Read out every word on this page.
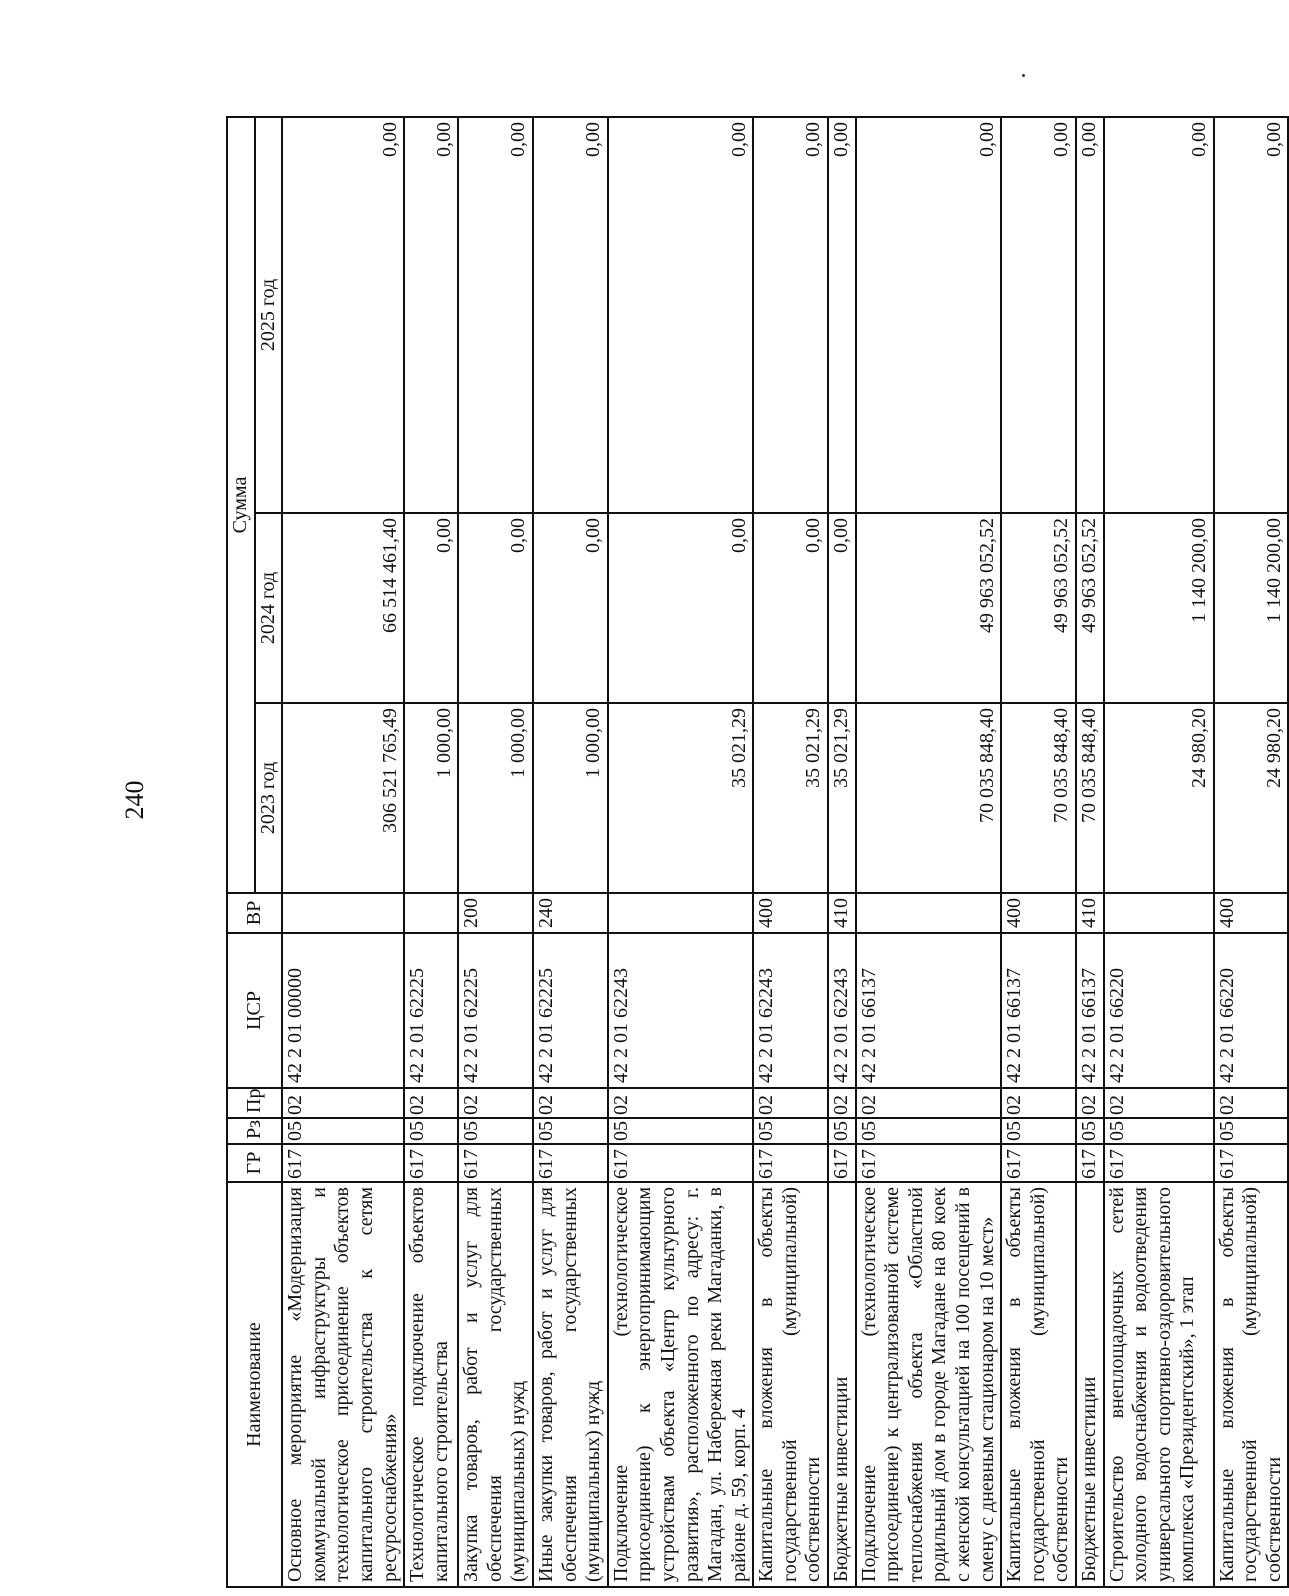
240
Наименование	ГР	Рз	Пр	ЦСР	ВР	Сумма		
						2023 год	2024 год	2025 год
Основное мероприятие «Модернизация коммунальной инфраструктуры и технологическое присоединение объектов капитального строительства к сетям ресурсоснабжения»	617	05	02	42 2 01 00000		306 521 765,49	66 514 461,40	0,00
Технологическое подключение объектов капитального строительства	617	05	02	42 2 01 62225		1 000,00	0,00	0,00
Закупка товаров, работ и услуг для обеспечения государственных (муниципальных) нужд	617	05	02	42 2 01 62225	200	1 000,00	0,00	0,00
Иные закупки товаров, работ и услуг для обеспечения государственных (муниципальных) нужд	617	05	02	42 2 01 62225	240	1 000,00	0,00	0,00
Подключение (технологическое присоединение) к энергопринимающим устройствам объекта «Центр культурного развития», расположенного по адресу: г. Магадан, ул. Набережная реки Магаданки, в районе д. 59, корп. 4	617	05	02	42 2 01 62243		35 021,29	0,00	0,00
Капитальные вложения в объекты государственной (муниципальной) собственности	617	05	02	42 2 01 62243	400	35 021,29	0,00	0,00
Бюджетные инвестиции	617	05	02	42 2 01 62243	410	35 021,29	0,00	0,00
Подключение (технологическое присоединение) к централизованной системе теплоснабжения объекта «Областной родильный дом в городе Магадане на 80 коек с женской консультацией на 100 посещений в смену с дневным стационаром на 10 мест»	617	05	02	42 2 01 66137		70 035 848,40	49 963 052,52	0,00
Капитальные вложения в объекты государственной (муниципальной) собственности	617	05	02	42 2 01 66137	400	70 035 848,40	49 963 052,52	0,00
Бюджетные инвестиции	617	05	02	42 2 01 66137	410	70 035 848,40	49 963 052,52	0,00
Строительство внеплощадочных сетей холодного водоснабжения и водоотведения универсального спортивно-оздоровительного комплекса «Президентский», 1 этап	617	05	02	42 2 01 66220		24 980,20	1 140 200,00	0,00
Капитальные вложения в объекты государственной (муниципальной) собственности	617	05	02	42 2 01 66220	400	24 980,20	1 140 200,00	0,00
